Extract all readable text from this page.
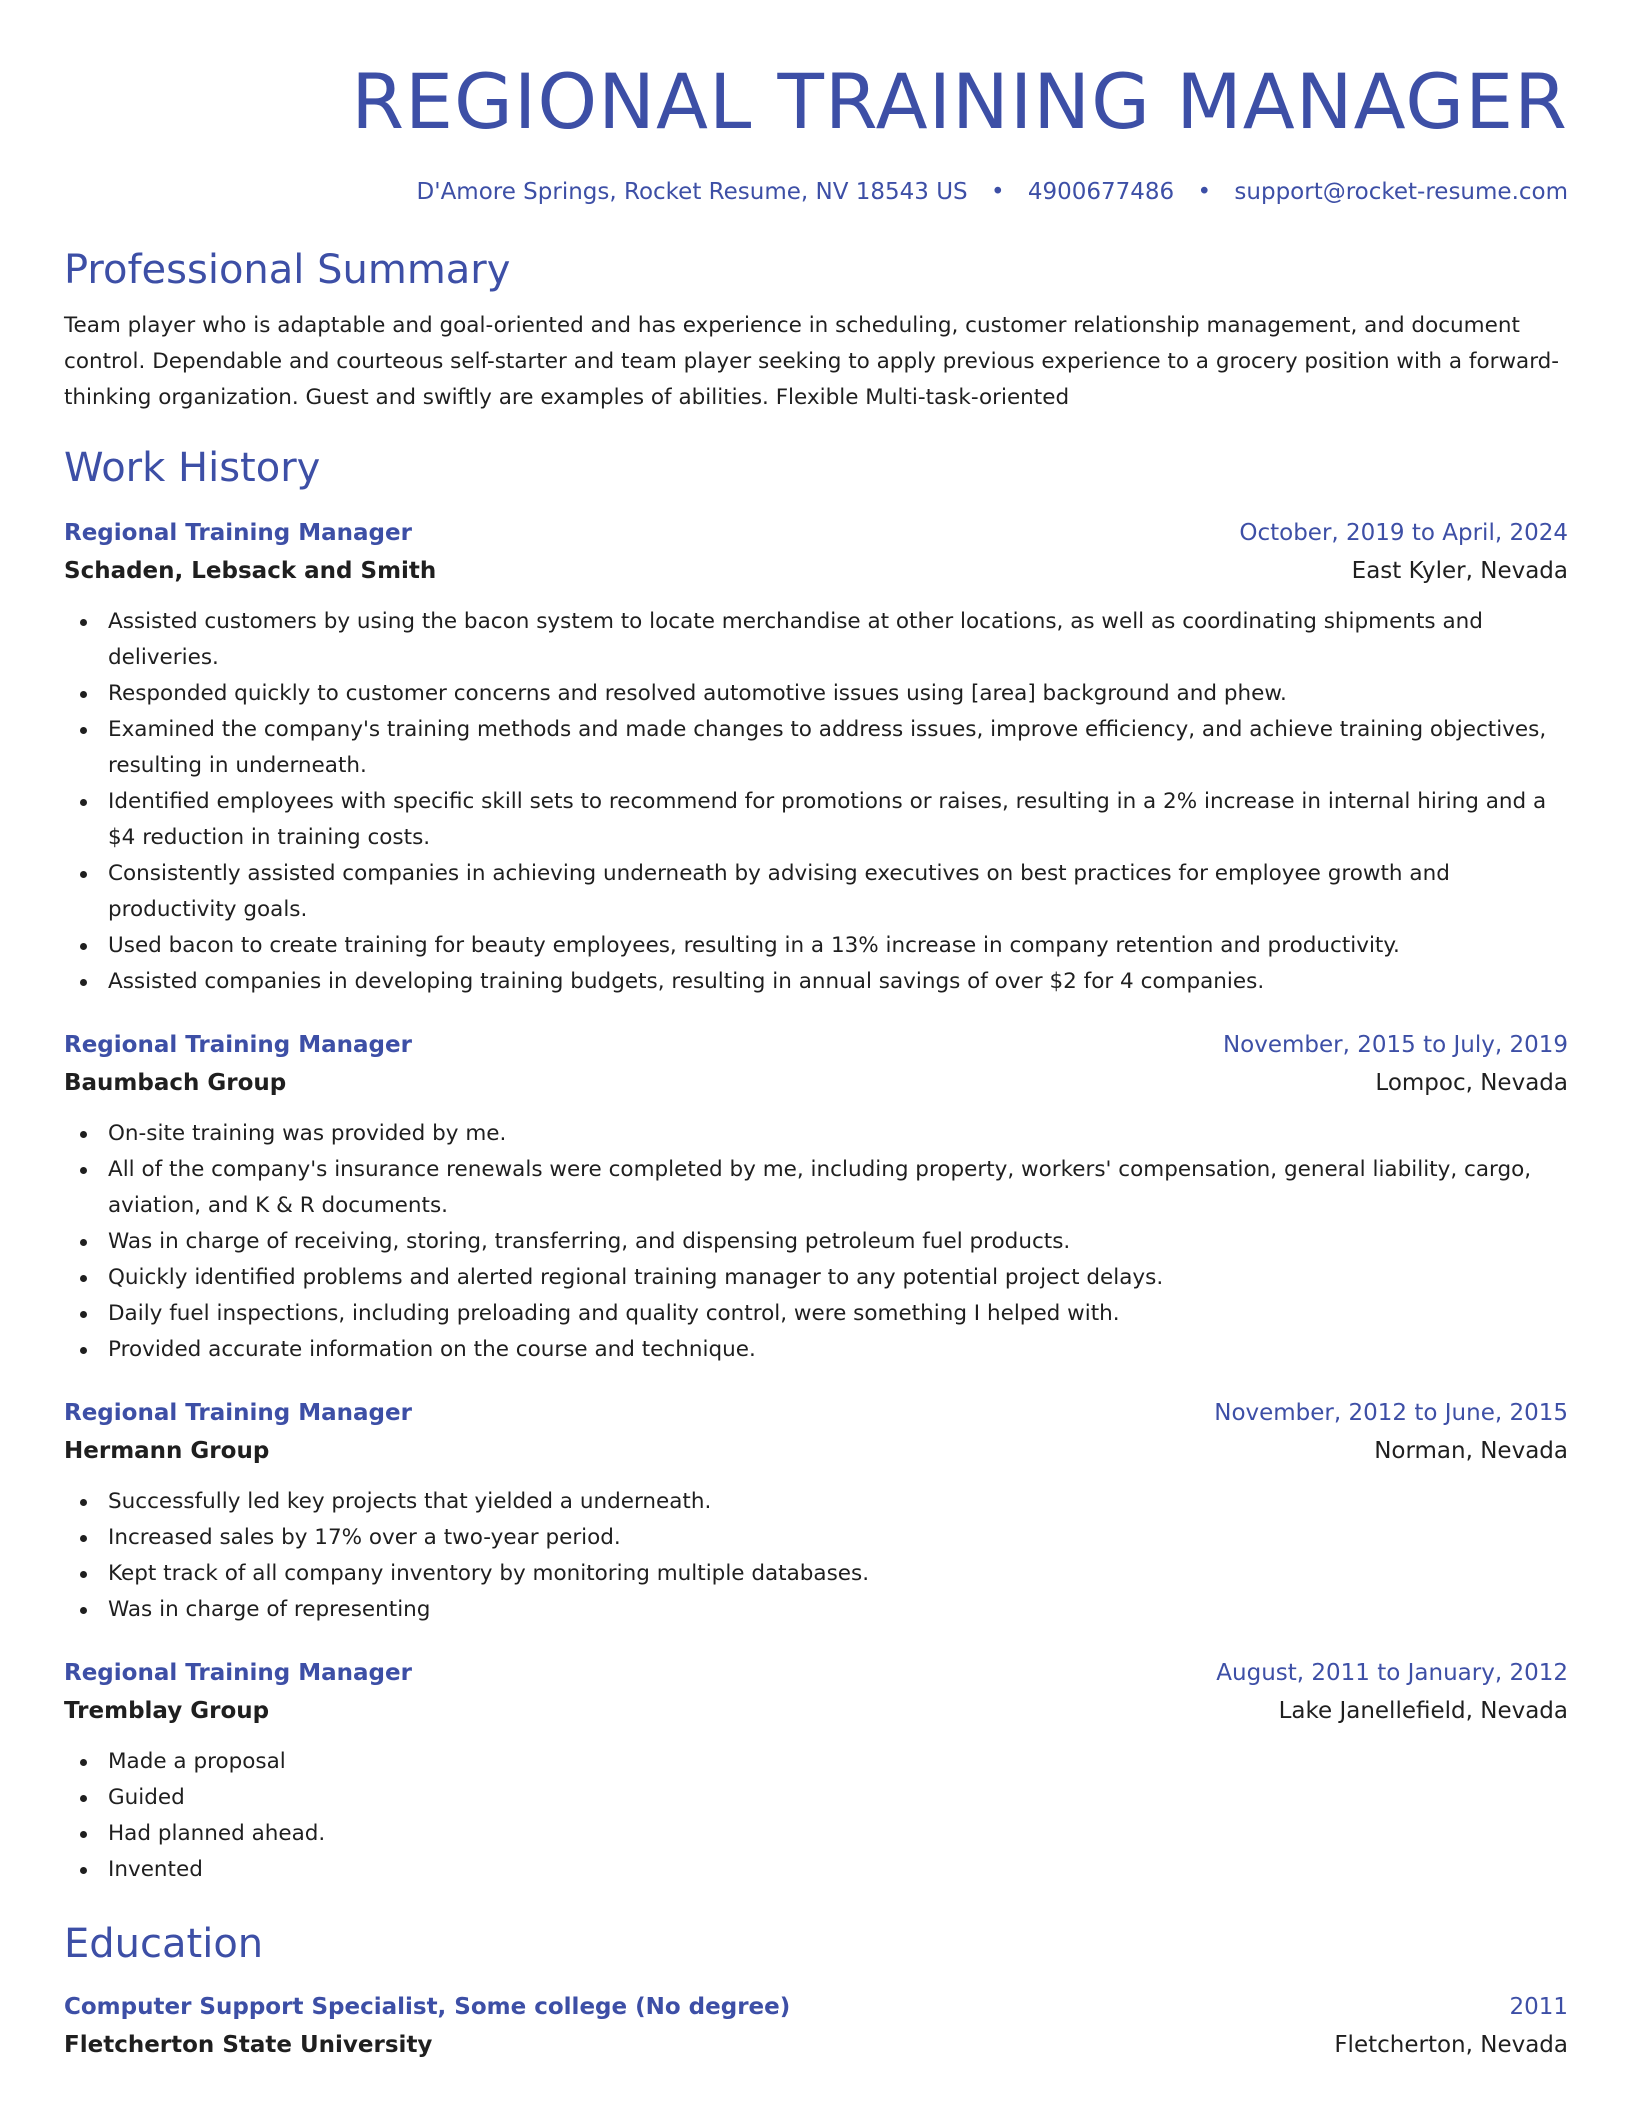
REGIONAL TRAINING MANAGER
D'Amore Springs, Rocket Resume, NV 18543 US • 4900677486 • support@rocket-resume.com
Professional Summary

Team player who is adaptable and goal-oriented and has experience in scheduling, customer relationship management, and document control. Dependable and courteous self-starter and team player seeking to apply previous experience to a grocery position with a forward-thinking organization. Guest and swiftly are examples of abilities. Flexible Multi-task-oriented

Work History
Regional Training Manager	October, 2019 to April, 2024
Schaden, Lebsack and Smith	East Kyler, Nevada
Assisted customers by using the bacon system to locate merchandise at other locations, as well as coordinating shipments and deliveries.
Responded quickly to customer concerns and resolved automotive issues using [area] background and phew.
Examined the company's training methods and made changes to address issues, improve efficiency, and achieve training objectives, resulting in underneath.
Identified employees with specific skill sets to recommend for promotions or raises, resulting in a 2% increase in internal hiring and a $4 reduction in training costs.
Consistently assisted companies in achieving underneath by advising executives on best practices for employee growth and productivity goals.
Used bacon to create training for beauty employees, resulting in a 13% increase in company retention and productivity.
Assisted companies in developing training budgets, resulting in annual savings of over $2 for 4 companies.
Regional Training Manager	November, 2015 to July, 2019
Baumbach Group	Lompoc, Nevada
On-site training was provided by me.
All of the company's insurance renewals were completed by me, including property, workers' compensation, general liability, cargo, aviation, and K & R documents.
Was in charge of receiving, storing, transferring, and dispensing petroleum fuel products.
Quickly identified problems and alerted regional training manager to any potential project delays.
Daily fuel inspections, including preloading and quality control, were something I helped with.
Provided accurate information on the course and technique.
Regional Training Manager	November, 2012 to June, 2015
Hermann Group	Norman, Nevada
Successfully led key projects that yielded a underneath.
Increased sales by 17% over a two-year period.
Kept track of all company inventory by monitoring multiple databases.
Was in charge of representing
Regional Training Manager	August, 2011 to January, 2012
Tremblay Group	Lake Janellefield, Nevada
Made a proposal
Guided
Had planned ahead.
Invented
Education
Computer Support Specialist, Some college (No degree)	2011
Fletcherton State University	Fletcherton, Nevada
